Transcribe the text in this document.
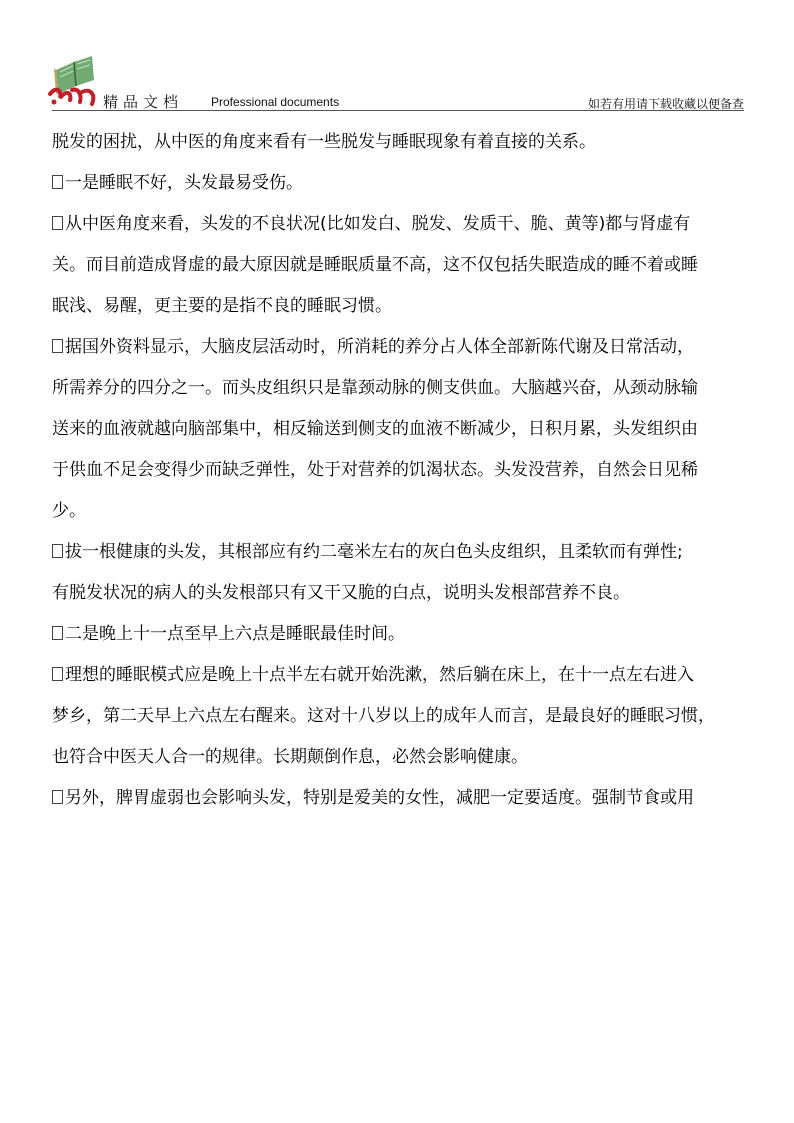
精品文档 Professional documents	如若有用请下载收藏以便备查

脱发的困扰，从中医的角度来看有一些脱发与睡眠现象有着直接的关系。

一是睡眠不好，头发最易受伤。

从中医角度来看，头发的不良状况(比如发白、脱发、发质干、脆、黄等)都与肾虚有

关。而目前造成肾虚的最大原因就是睡眠质量不高，这不仅包括失眠造成的睡不着或睡

眠浅、易醒，更主要的是指不良的睡眠习惯。

据国外资料显示，大脑皮层活动时，所消耗的养分占人体全部新陈代谢及日常活动，

所需养分的四分之一。而头皮组织只是靠颈动脉的侧支供血。大脑越兴奋，从颈动脉输

送来的血液就越向脑部集中，相反输送到侧支的血液不断减少，日积月累，头发组织由

于供血不足会变得少而缺乏弹性，处于对营养的饥渴状态。头发没营养，自然会日见稀

少。

拔一根健康的头发，其根部应有约二毫米左右的灰白色头皮组织，且柔软而有弹性;

有脱发状况的病人的头发根部只有又干又脆的白点，说明头发根部营养不良。

二是晚上十一点至早上六点是睡眠最佳时间。

理想的睡眠模式应是晚上十点半左右就开始洗漱，然后躺在床上，在十一点左右进入

梦乡，第二天早上六点左右醒来。这对十八岁以上的成年人而言，是最良好的睡眠习惯，

也符合中医天人合一的规律。长期颠倒作息，必然会影响健康。

另外，脾胃虚弱也会影响头发，特别是爱美的女性，减肥一定要适度。强制节食或用
